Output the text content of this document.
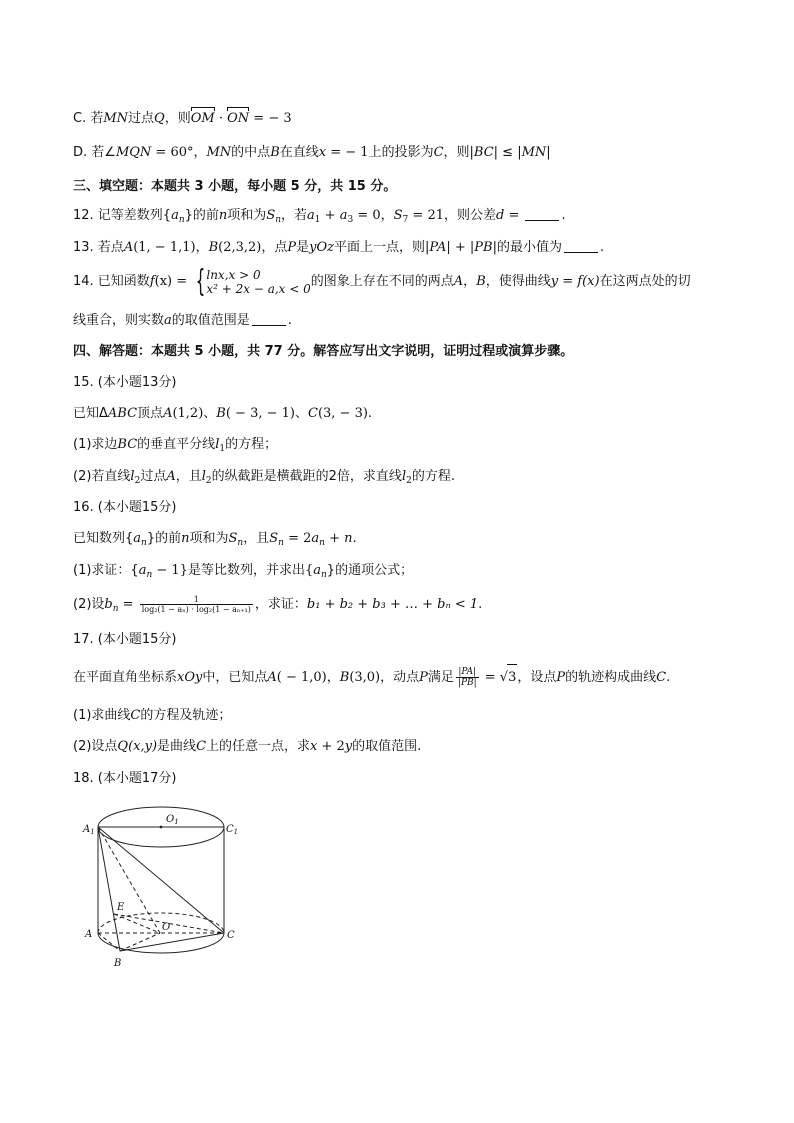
C. 若MN过点Q，则OM · ON = − 3
D. 若∠MQN = 60°，MN的中点B在直线x = − 1上的投影为C，则|BC| ≤ |MN|
三、填空题：本题共 3 小题，每小题 5 分，共 15 分。
12. 记等差数列$\{a_n\}$的前n项和为$S_n$，若$a_1 + a_3 = 0$，$S_7 = 21$，则公差d =	.
13. 若点A(1, − 1,1)，B(2,3,2)，点P是yOz平面上一点，则|PA| + |PB|的最小值为	.
14. 已知函数f(x) = { lnx,x > 0
x² + 2x − a,x < 0 的图象上存在不同的两点A，B，使得曲线y = f(x)在这两点处的切
线重合，则实数a的取值范围是	.
四、解答题：本题共 5 小题，共 77 分。解答应写出文字说明，证明过程或演算步骤。
15. (本小题13分)
已知ΔABC顶点A(1,2)、B( − 3, − 1)、C(3, − 3).
(1)求边BC的垂直平分线$l_1$的方程；
(2)若直线$l_2$过点A，且$l_2$的纵截距是横截距的2倍，求直线$l_2$的方程.
16. (本小题15分)
已知数列$\{a_n\}$的前n项和为$S_n$，且$S_n = 2a_n + n$.
(1)求证：$\{a_n - 1\}$是等比数列，并求出$\{a_n\}$的通项公式；
(2)设$b_n = \frac{1}{\text{log₂(1 − aₙ) · log₂(1 − aₙ₊₁)}}$ ，求证：b₁ + b₂ + b₃ + … + bₙ < 1.
17. (本小题15分)
在平面直角坐标系xOy中，已知点A( − 1,0)，B(3,0)，动点P满足 $\frac{|PA|}{|PB|} = √3$，设点P的轨迹构成曲线C.
(1)求曲线C的方程及轨迹；
(2)设点Q(x,y)是曲线C上的任意一点，求x + 2y的取值范围.
18. (本小题17分)
$A_1$
$O_1$
$C_1$
E
O
A	C
B
